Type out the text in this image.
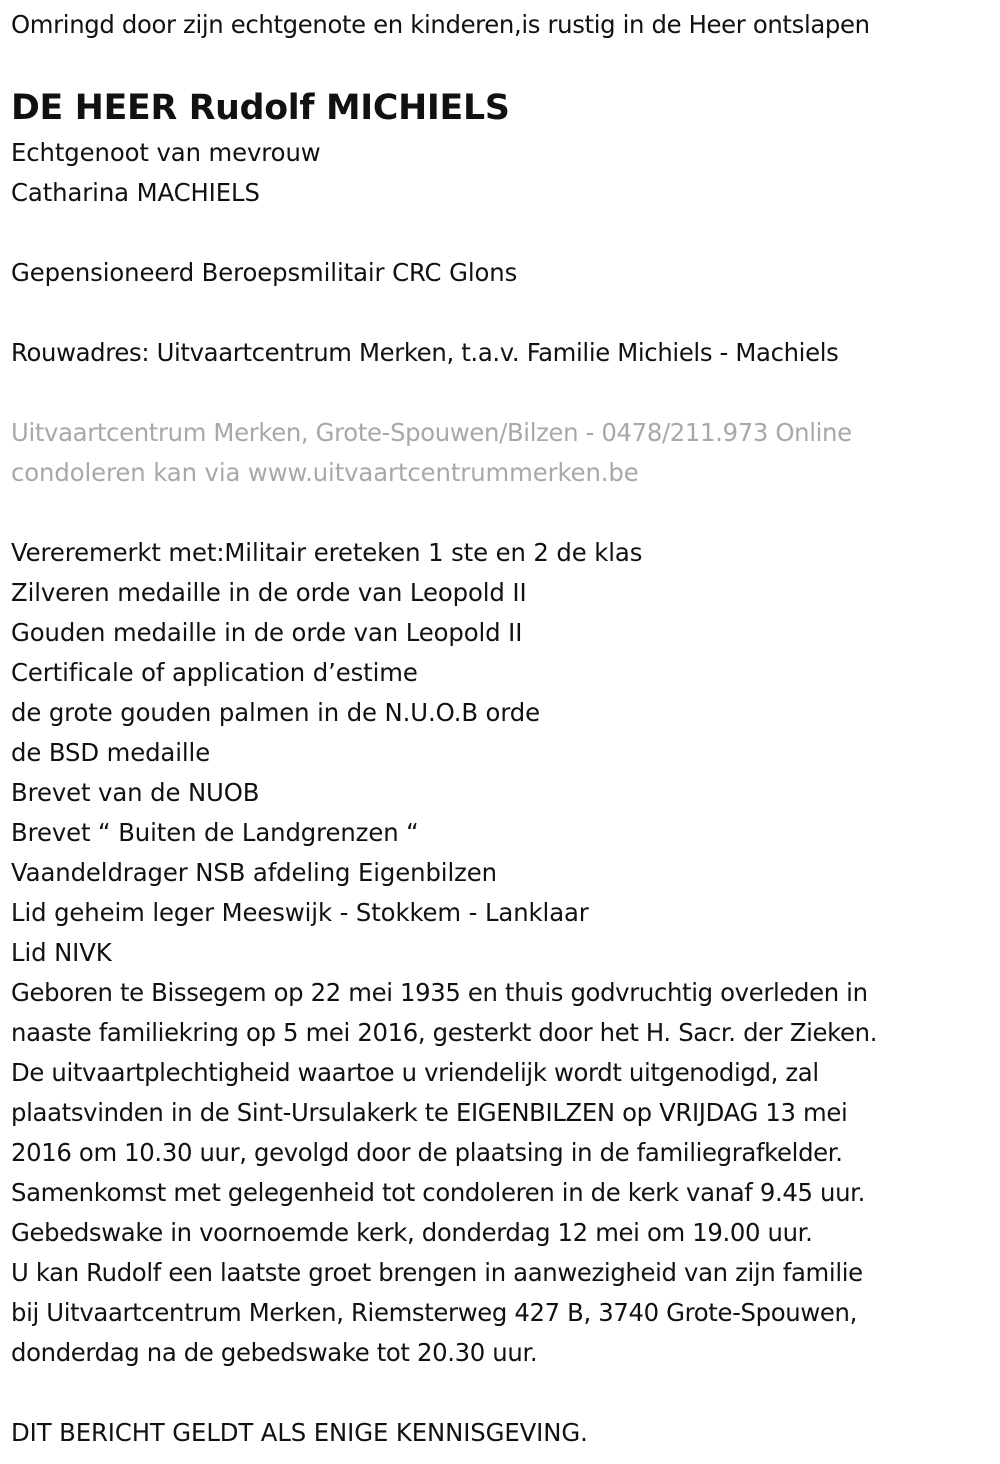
Omringd door zijn echtgenote en kinderen,is rustig in de Heer ontslapen
DE HEER Rudolf MICHIELS
Echtgenoot van mevrouw
Catharina MACHIELS
Gepensioneerd Beroepsmilitair CRC Glons
Rouwadres: Uitvaartcentrum Merken, t.a.v. Familie Michiels - Machiels
Uitvaartcentrum Merken, Grote-Spouwen/Bilzen - 0478/211.973 Online
condoleren kan via www.uitvaartcentrummerken.be
Vereremerkt met:Militair ereteken 1 ste en 2 de klas
Zilveren medaille in de orde van Leopold II
Gouden medaille in de orde van Leopold II
Certificale of application d’estime
de grote gouden palmen in de N.U.O.B orde
de BSD medaille
Brevet van de NUOB
Brevet “ Buiten de Landgrenzen “
Vaandeldrager NSB afdeling Eigenbilzen
Lid geheim leger Meeswijk - Stokkem - Lanklaar
Lid NIVK
Geboren te Bissegem op 22 mei 1935 en thuis godvruchtig overleden in
naaste familiekring op 5 mei 2016, gesterkt door het H. Sacr. der Zieken.
De uitvaartplechtigheid waartoe u vriendelijk wordt uitgenodigd, zal
plaatsvinden in de Sint-Ursulakerk te EIGENBILZEN op VRIJDAG 13 mei
2016 om 10.30 uur, gevolgd door de plaatsing in de familiegrafkelder.
Samenkomst met gelegenheid tot condoleren in de kerk vanaf 9.45 uur.
Gebedswake in voornoemde kerk, donderdag 12 mei om 19.00 uur.
U kan Rudolf een laatste groet brengen in aanwezigheid van zijn familie
bij Uitvaartcentrum Merken, Riemsterweg 427 B, 3740 Grote-Spouwen,
donderdag na de gebedswake tot 20.30 uur.
DIT BERICHT GELDT ALS ENIGE KENNISGEVING.
